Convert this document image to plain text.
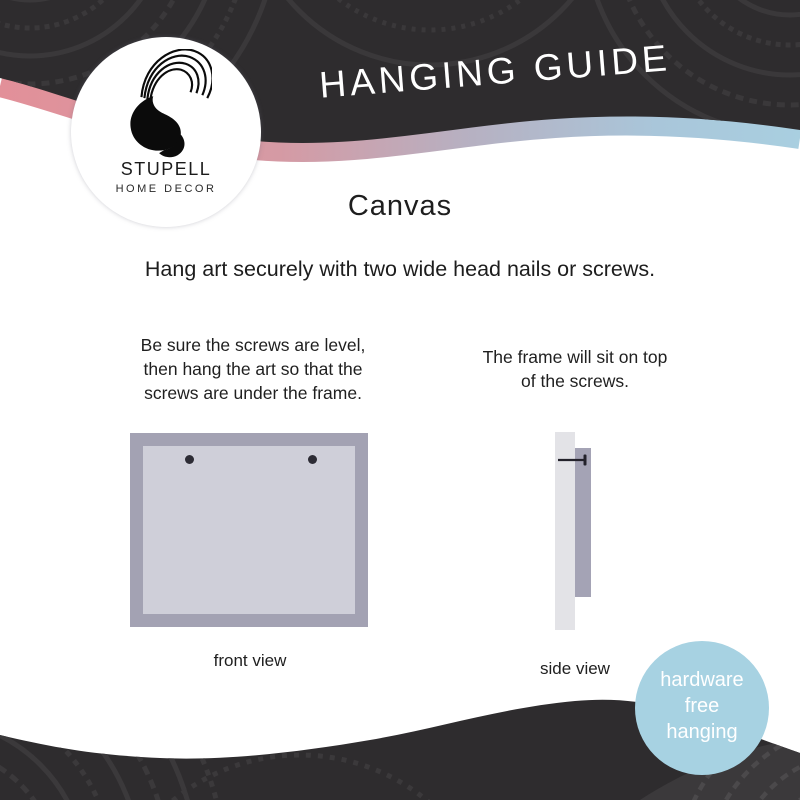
HANGING GUIDE
STUPELL
HOME DECOR
Canvas
Hang art securely with two wide head nails or screws.
Be sure the screws are level,
then hang the art so that the
screws are under the frame.
front view
The frame will sit on top
of the screws.
side view
hardware
free
hanging
